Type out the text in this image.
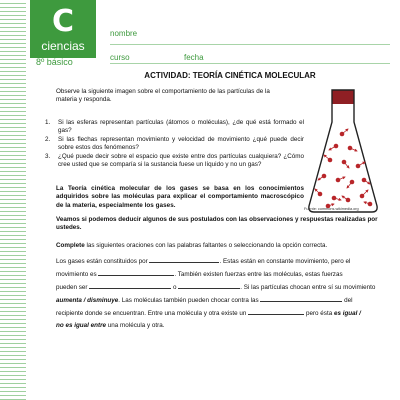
C
ciencias
8º básico
nombre
curso	fecha
ACTIVIDAD: TEORÍA CINÉTICA MOLECULAR
Observe la siguiente imagen sobre el comportamiento de las partículas de la materia y responda.
1. Si las esferas representan partículas (átomos o moléculas), ¿de qué está formado el gas?
2. Si las flechas representan movimiento y velocidad de movimiento ¿qué puede decir sobre estos dos fenómenos?
3. ¿Qué puede decir sobre el espacio que existe entre dos partículas cualquiera? ¿Cómo cree usted que se comparía si la sustancia fuese un líquido y no un gas?
Fuente: commons.wikimedia.org
La Teoría cinética molecular de los gases se basa en los conocimientos adquiridos sobre las moléculas para explicar el comportamiento macroscópico de la materia, especialmente los gases.
Veamos si podemos deducir algunos de sus postulados con las observaciones y respuestas realizadas por ustedes.
Complete las siguientes oraciones con las palabras faltantes o seleccionando la opción correcta.
Los gases están constituidos por	. Estas están en constante movimiento, pero el
movimiento es	. También existen fuerzas entre las moléculas, estas fuerzas
pueden ser	o	. Si las partículas chocan entre sí su movimiento
aumenta / disminuye. Las moléculas también pueden chocar contra las	del
recipiente donde se encuentran. Entre una molécula y otra existe un	pero ésta es igual /
no es igual entre una molécula y otra.
